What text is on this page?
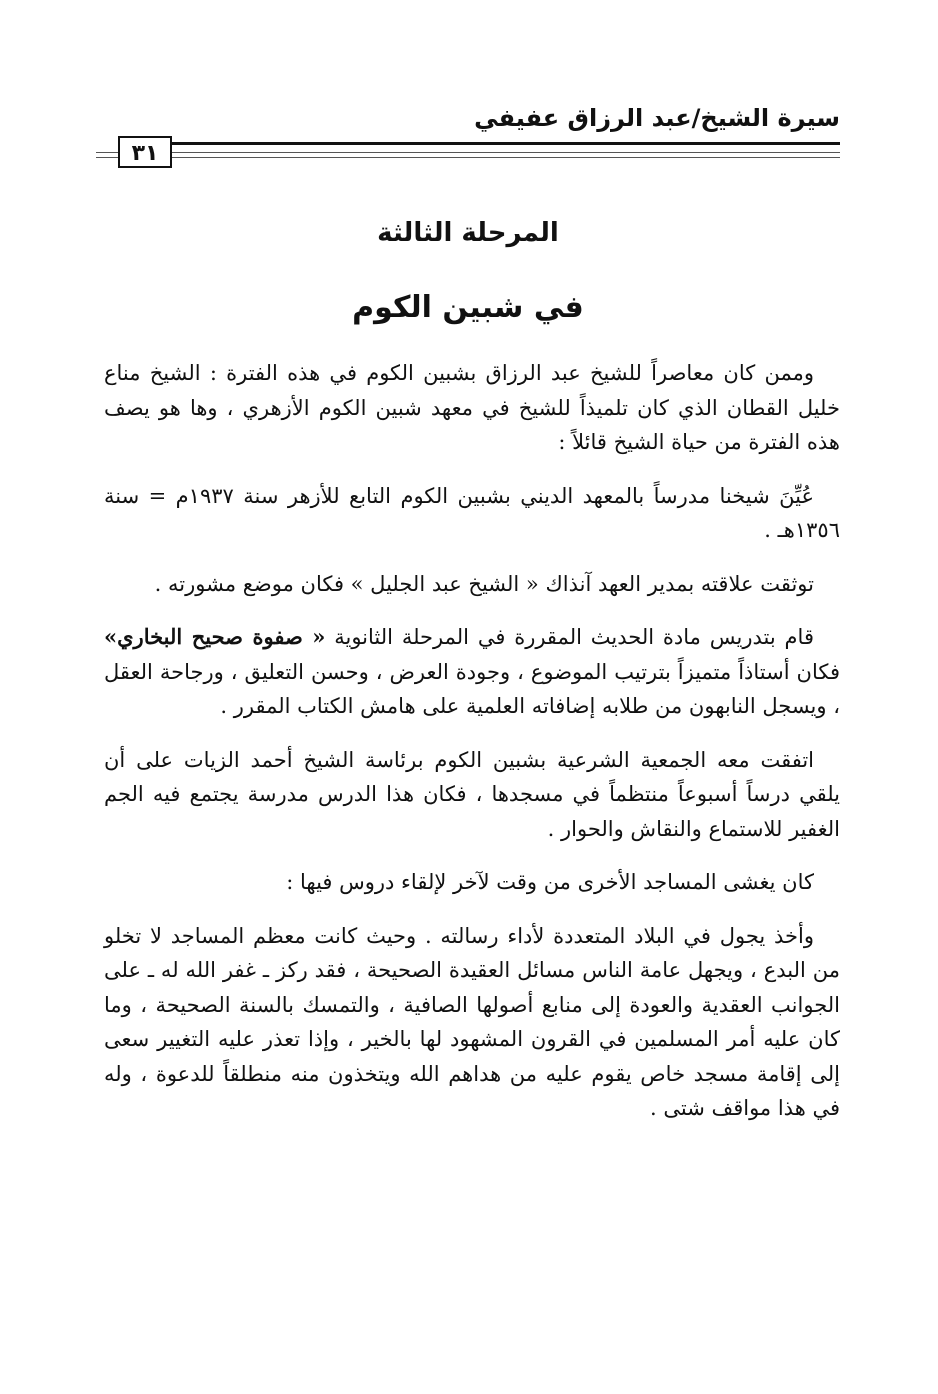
سيرة الشيخ/عبد الرزاق عفيفي
٣١
المرحلة الثالثة
في شبين الكوم

وممن كان معاصراً للشيخ عبد الرزاق بشبين الكوم في هذه الفترة : الشيخ مناع خليل القطان الذي كان تلميذاً للشيخ في معهد شبين الكوم الأزهري ، وها هو يصف هذه الفترة من حياة الشيخ قائلاً :

عُيِّنَ شيخنا مدرساً بالمعهد الديني بشبين الكوم التابع للأزهر سنة ١٩٣٧م = سنة ١٣٥٦هـ .

توثقت علاقته بمدير العهد آنذاك « الشيخ عبد الجليل » فكان موضع مشورته .

قام بتدريس مادة الحديث المقررة في المرحلة الثانوية « صفوة صحيح البخاري» فكان أستاذاً متميزاً بترتيب الموضوع ، وجودة العرض ، وحسن التعليق ، ورجاحة العقل ، ويسجل النابهون من طلابه إضافاته العلمية على هامش الكتاب المقرر .

اتفقت معه الجمعية الشرعية بشبين الكوم برئاسة الشيخ أحمد الزيات على أن يلقي درساً أسبوعاً منتظماً في مسجدها ، فكان هذا الدرس مدرسة يجتمع فيه الجم الغفير للاستماع والنقاش والحوار .

كان يغشى المساجد الأخرى من وقت لآخر لإلقاء دروس فيها :

وأخذ يجول في البلاد المتعددة لأداء رسالته . وحيث كانت معظم المساجد لا تخلو من البدع ، ويجهل عامة الناس مسائل العقيدة الصحيحة ، فقد ركز ـ غفر الله له ـ على الجوانب العقدية والعودة إلى منابع أصولها الصافية ، والتمسك بالسنة الصحيحة ، وما كان عليه أمر المسلمين في القرون المشهود لها بالخير ، وإذا تعذر عليه التغيير سعى إلى إقامة مسجد خاص يقوم عليه من هداهم الله ويتخذون منه منطلقاً للدعوة ، وله في هذا مواقف شتى .
